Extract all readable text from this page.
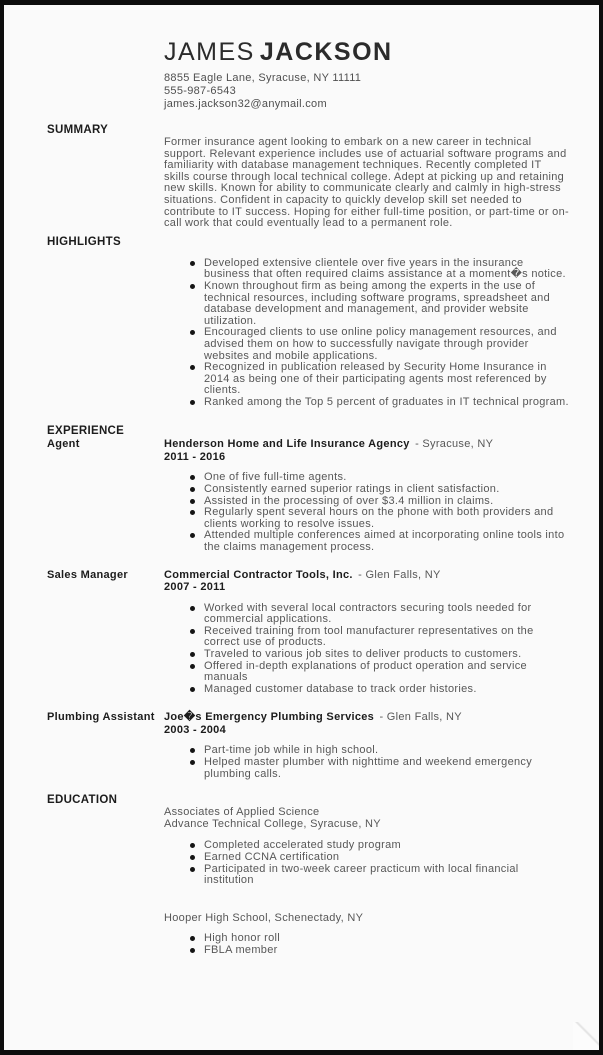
JAMES JACKSON
8855 Eagle Lane, Syracuse, NY 11111
555-987-6543
james.jackson32@anymail.com
SUMMARY
Former insurance agent looking to embark on a new career in technical support. Relevant experience includes use of actuarial software programs and familiarity with database management techniques. Recently completed IT skills course through local technical college. Adept at picking up and retaining new skills. Known for ability to communicate clearly and calmly in high-stress situations. Confident in capacity to quickly develop skill set needed to contribute to IT success. Hoping for either full-time position, or part-time or on-call work that could eventually lead to a permanent role.
HIGHLIGHTS
Developed extensive clientele over five years in the insurance business that often required claims assistance at a moment�s notice.
Known throughout firm as being among the experts in the use of technical resources, including software programs, spreadsheet and database development and management, and provider website utilization.
Encouraged clients to use online policy management resources, and advised them on how to successfully navigate through provider websites and mobile applications.
Recognized in publication released by Security Home Insurance in 2014 as being one of their participating agents most referenced by clients.
Ranked among the Top 5 percent of graduates in IT technical program.
EXPERIENCE
Agent	Henderson Home and Life Insurance Agency - Syracuse, NY
2011 - 2016
One of five full-time agents.
Consistently earned superior ratings in client satisfaction.
Assisted in the processing of over $3.4 million in claims.
Regularly spent several hours on the phone with both providers and clients working to resolve issues.
Attended multiple conferences aimed at incorporating online tools into the claims management process.
Sales Manager	Commercial Contractor Tools, Inc. - Glen Falls, NY
2007 - 2011
Worked with several local contractors securing tools needed for commercial applications.
Received training from tool manufacturer representatives on the correct use of products.
Traveled to various job sites to deliver products to customers.
Offered in-depth explanations of product operation and service manuals
Managed customer database to track order histories.
Plumbing Assistant Joe�s Emergency Plumbing Services - Glen Falls, NY
2003 - 2004
Part-time job while in high school.
Helped master plumber with nighttime and weekend emergency plumbing calls.
EDUCATION
Associates of Applied Science
Advance Technical College, Syracuse, NY
Completed accelerated study program
Earned CCNA certification
Participated in two-week career practicum with local financial institution
Hooper High School, Schenectady, NY
High honor roll
FBLA member
